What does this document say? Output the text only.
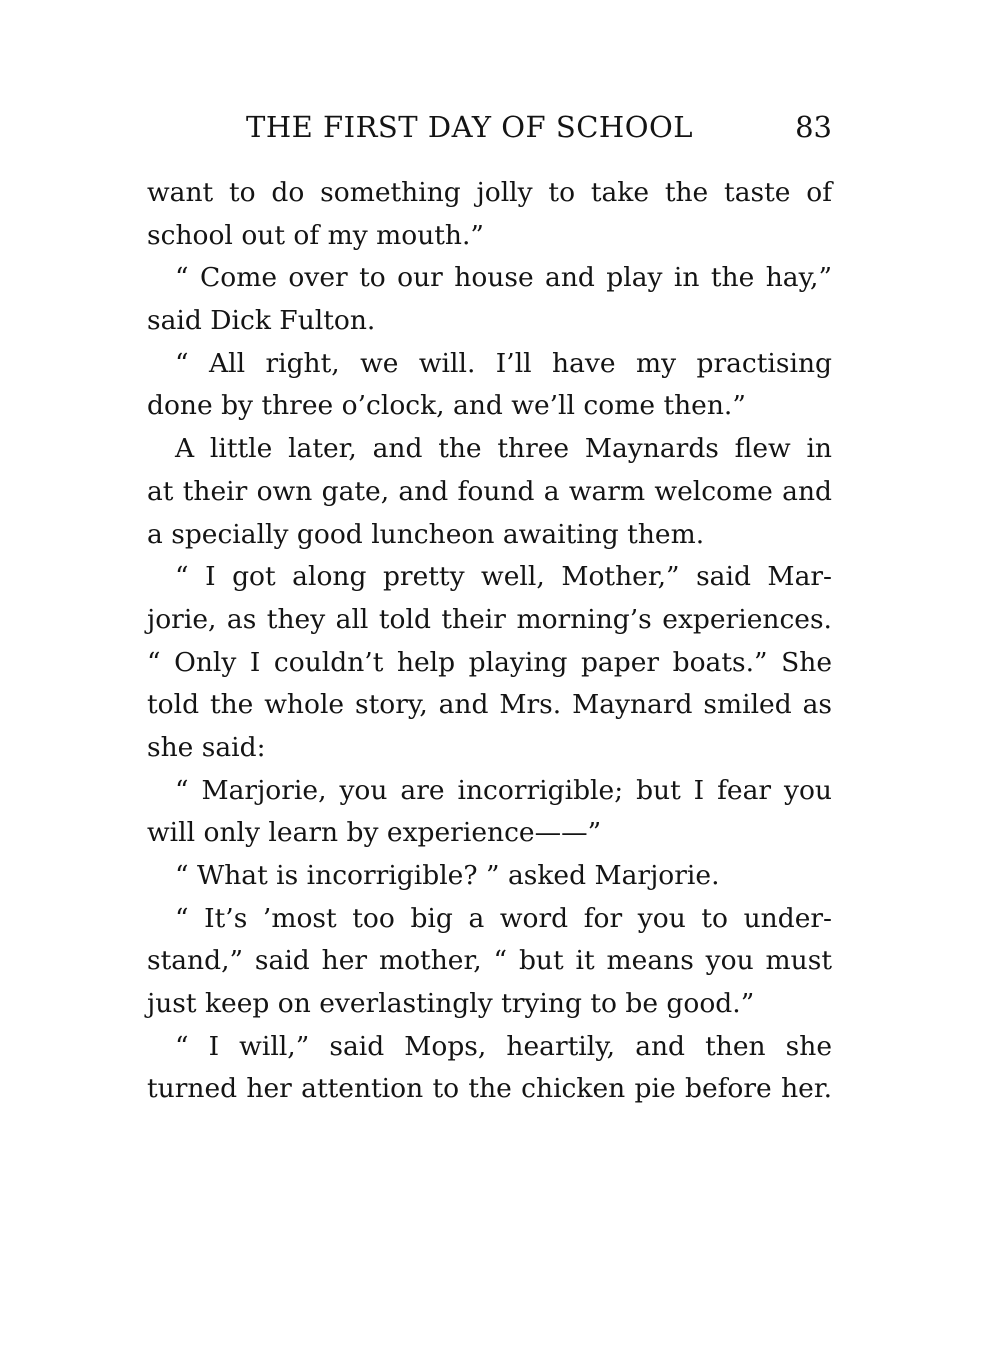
THE FIRST DAY OF SCHOOL	83
want to do something jolly to take the taste of
school out of my mouth.”
“ Come over to our house and play in the hay,”
said Dick Fulton.
“ All right, we will. I’ll have my practising
done by three o’clock, and we’ll come then.”
A little later, and the three Maynards flew in
at their own gate, and found a warm welcome and
a specially good luncheon awaiting them.
“ I got along pretty well, Mother,” said Mar-
jorie, as they all told their morning’s experiences.
“ Only I couldn’t help playing paper boats.” She
told the whole story, and Mrs. Maynard smiled as
she said:
“ Marjorie, you are incorrigible; but I fear you
will only learn by experience——”
“ What is incorrigible? ” asked Marjorie.
“ It’s ’most too big a word for you to under-
stand,” said her mother, “ but it means you must
just keep on everlastingly trying to be good.”
“ I will,” said Mops, heartily, and then she
turned her attention to the chicken pie before her.
